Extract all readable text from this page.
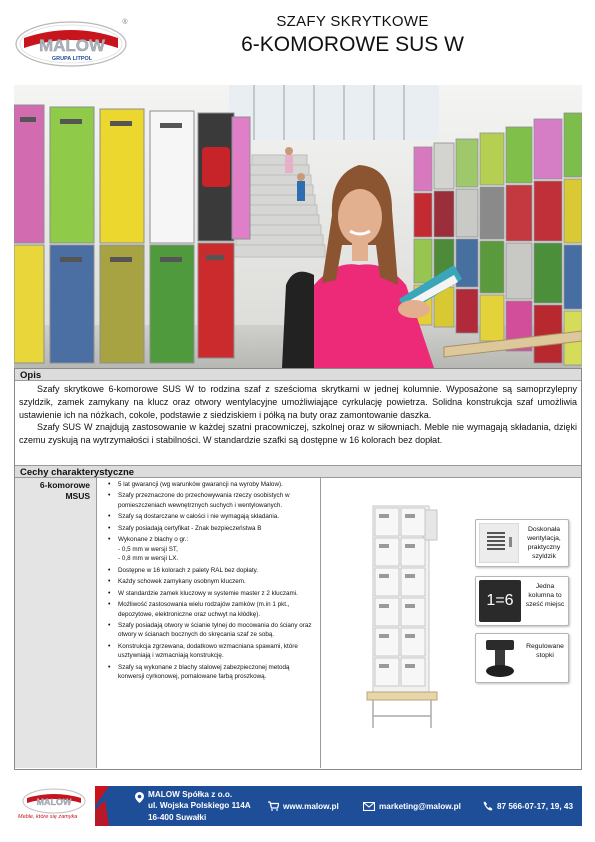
MALOW
GRUPA LITPOL
®	SZAFY SKRYTKOWE
6-KOMOROWE SUS W
Opis

Szafy skrytkowe 6-komorowe SUS W to rodzina szaf z sześcioma skrytkami w jednej kolumnie. Wyposażone są samoprzylepny szyldzik, zamek zamykany na klucz oraz otwory wentylacyjne umożliwiające cyrkulację powietrza. Solidna konstrukcja szaf umożliwia ustawienie ich na nóżkach, cokole, podstawie z siedziskiem i półką na buty oraz zamontowanie daszka.

Szafy SUS W znajdują zastosowanie w każdej szatni pracowniczej, szkolnej oraz w siłowniach. Meble nie wymagają składania, dzięki czemu zyskują na wytrzymałości i stabilności. W standardzie szafki są dostępne w 16 kolorach bez dopłat.

Cechy charakterystyczne
6-komorowe
MSUS
• 5 lat gwarancji (wg warunków gwarancji na wyroby Malow).
• Szafy przeznaczone do przechowywania rzeczy osobistych w pomieszczeniach wewnętrznych suchych i wentylowanych.
• Szafy są dostarczane w całości i nie wymagają składania.
• Szafy posiadają certyfikat - Znak bezpieczeństwa B
• Wykonane z blachy o gr.:
- 0,5 mm w wersji ST,
- 0,8 mm w wersji LX.
• Dostępne w 16 kolorach z palety RAL bez dopłaty.
• Każdy schowek zamykany osobnym kluczem.
• W standardzie zamek kluczowy w systemie master z 2 kluczami.
• Możliwość zastosowania wielu rodzajów zamków (m.in 1 pkt., depozytowe, elektroniczne oraz uchwyt na kłódkę).
• Szafy posiadają otwory w ścianie tylnej do mocowania do ściany oraz otwory w ścianach bocznych do skręcania szaf ze sobą.
• Konstrukcja zgrzewana, dodatkowo wzmacniana spawami, które usztywniają i wzmacniają konstrukcję.
• Szafy są wykonane z blachy stalowej zabezpieczonej metodą konwersji cyrkonowej, pomalowane farbą proszkową.
Doskonała wentylacja, praktyczny szyldzik
1=6
Jedna kolumna to sześć miejsc
Regulowane stopki
MALOW
Meble, które się zamyka
MALOW Spółka z o.o.
ul. Wojska Polskiego 114A
16-400 Suwałki
www.malow.pl	marketing@malow.pl	87 566-07-17, 19, 43
